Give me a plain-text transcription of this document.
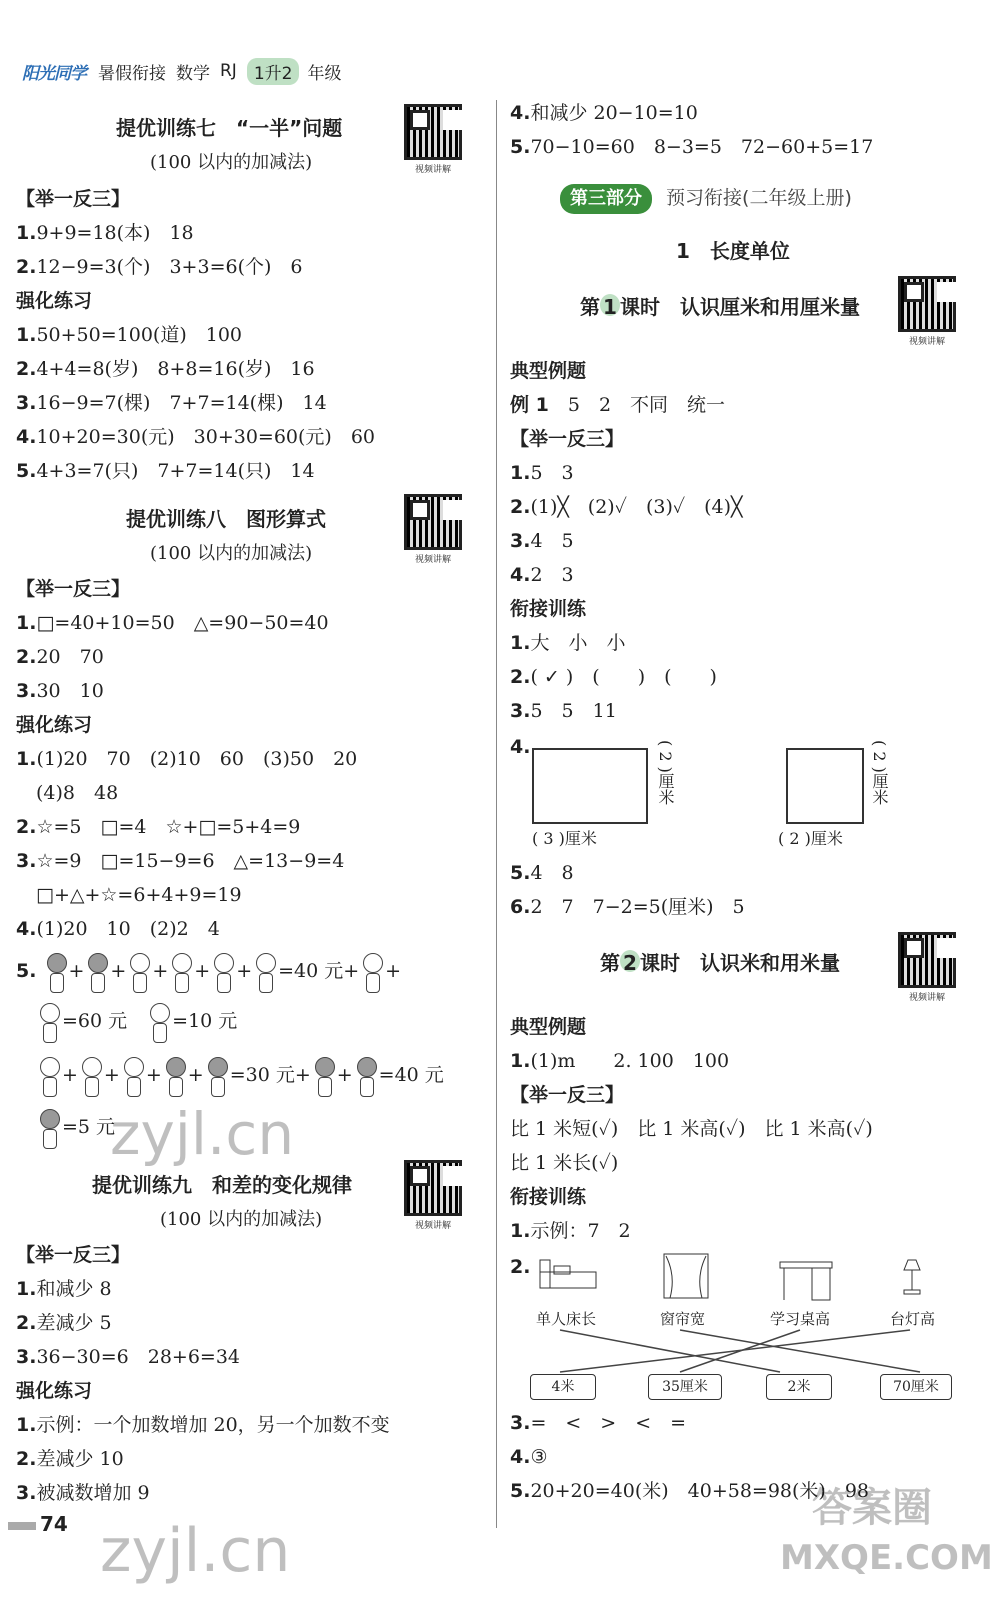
阳光同学 暑假衔接 数学 RJ	1升2 年级
提优训练七　“一半”问题
(100 以内的加减法)	视频讲解
【举一反三】
1.9+9=18(本)　18
2.12−9=3(个)　3+3=6(个)　6
强化练习
1.50+50=100(道)　100
2.4+4=8(岁)　8+8=16(岁)　16
3.16−9=7(棵)　7+7=14(棵)　14
4.10+20=30(元)　30+30=60(元)　60
5.4+3=7(只)　7+7=14(只)　14
提优训练八　图形算式
(100 以内的加减法)	视频讲解
【举一反三】
1.□=40+10=50　△=90−50=40
2.20　70
3.30　10
强化练习
1.(1)20　70　(2)10　60　(3)50　20
(4)8　48
2.☆=5　□=4　☆+□=5+4=9
3.☆=9　□=15−9=6　△=13−9=4
□+△+☆=6+4+9=19
4.(1)20　10　(2)2　4
5. + + + + + =40 元+ +
=60 元　 =10 元
+ + + + =30 元+ + =40 元
=5 元
提优训练九　和差的变化规律
(100 以内的加减法)	视频讲解
【举一反三】
1.和减少 8
2.差减少 5
3.36−30=6　28+6=34
强化练习
1.示例：一个加数增加 20，另一个加数不变
2.差减少 10
3.被减数增加 9
74
4.和减少 20−10=10
5.70−10=60　8−3=5　72−60+5=17
第三部分 预习衔接(二年级上册)
1　长度单位
第 1 课时　认识厘米和用厘米量
视频讲解
典型例题
例 1　 5　2　不同　统一
【举一反三】
1.5　3
2.(1)╳　(2)✓　(3)✓　(4)╳
3.4　5
4.2　3
衔接训练
1.大　小　小
2.( ✓ )　(　　)　(　　)
3.5　5　11
4.
( 3 )厘米
( 2 )厘米
( 2 )厘米
( 2 )厘米
5.4　8
6.2　7　7−2=5(厘米)　5
第 2 课时　认识米和用米量
视频讲解
典型例题
1.(1)m　　2. 100　100
【举一反三】
比 1 米短(✓)　比 1 米高(✓)　比 1 米高(✓)
比 1 米长(✓)
衔接训练
1.示例：7　2
2.
单人床长	窗帘宽	学习桌高	台灯高
4米	35厘米	2米	70厘米
3.=　<　>　<　=
4.③
5.20+20=40(米)　40+58=98(米)　98
zyjl.cn
zyjl.cn
答案圈
MXQE.COM
